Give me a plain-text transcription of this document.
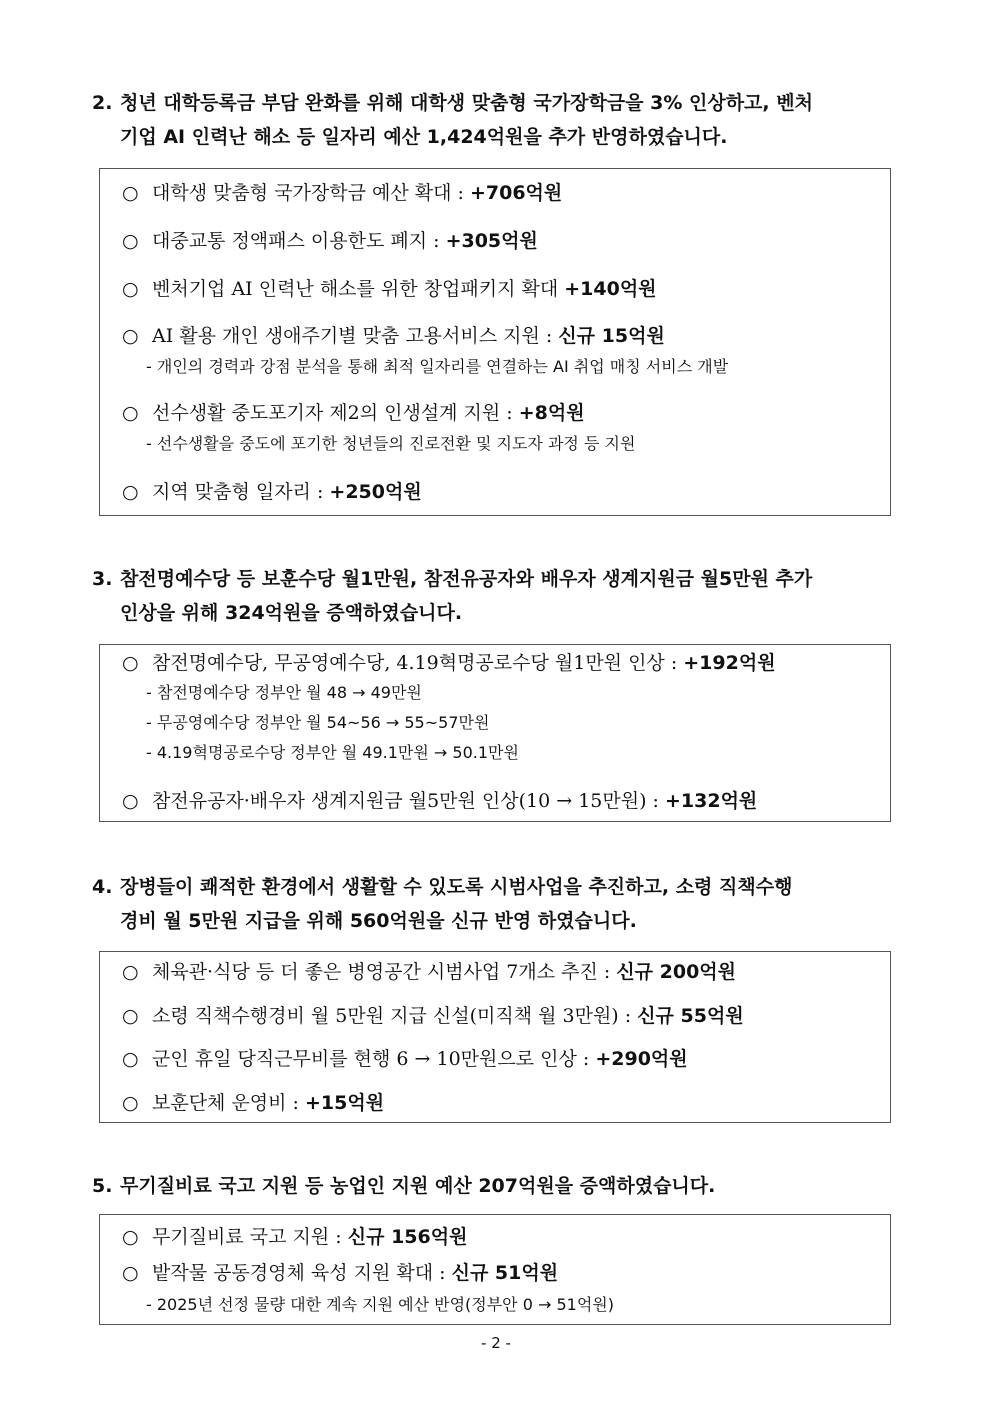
2. 청년 대학등록금 부담 완화를 위해 대학생 맞춤형 국가장학금을 3% 인상하고, 벤처
기업 AI 인력난 해소 등 일자리 예산 1,424억원을 추가 반영하였습니다.
○ 대학생 맞춤형 국가장학금 예산 확대 : +706억원
○ 대중교통 정액패스 이용한도 폐지 : +305억원
○ 벤처기업 AI 인력난 해소를 위한 창업패키지 확대 +140억원
○ AI 활용 개인 생애주기별 맞춤 고용서비스 지원 : 신규 15억원
- 개인의 경력과 강점 분석을 통해 최적 일자리를 연결하는 AI 취업 매칭 서비스 개발
○ 선수생활 중도포기자 제2의 인생설계 지원 : +8억원
- 선수생활을 중도에 포기한 청년들의 진로전환 및 지도자 과정 등 지원
○ 지역 맞춤형 일자리 : +250억원
3. 참전명예수당 등 보훈수당 월1만원, 참전유공자와 배우자 생계지원금 월5만원 추가
인상을 위해 324억원을 증액하였습니다.
○ 참전명예수당, 무공영예수당, 4.19혁명공로수당 월1만원 인상 : +192억원
- 참전명예수당 정부안 월 48 → 49만원
- 무공영예수당 정부안 월 54~56 → 55~57만원
- 4.19혁명공로수당 정부안 월 49.1만원 → 50.1만원
○ 참전유공자·배우자 생계지원금 월5만원 인상(10 → 15만원) : +132억원
4. 장병들이 쾌적한 환경에서 생활할 수 있도록 시범사업을 추진하고, 소령 직책수행
경비 월 5만원 지급을 위해 560억원을 신규 반영 하였습니다.
○ 체육관·식당 등 더 좋은 병영공간 시범사업 7개소 추진 : 신규 200억원
○ 소령 직책수행경비 월 5만원 지급 신설(미직책 월 3만원) : 신규 55억원
○ 군인 휴일 당직근무비를 현행 6 → 10만원으로 인상 : +290억원
○ 보훈단체 운영비 : +15억원
5. 무기질비료 국고 지원 등 농업인 지원 예산 207억원을 증액하였습니다.
○ 무기질비료 국고 지원 : 신규 156억원
○ 밭작물 공동경영체 육성 지원 확대 : 신규 51억원
- 2025년 선정 물량 대한 계속 지원 예산 반영(정부안 0 → 51억원)
- 2 -
